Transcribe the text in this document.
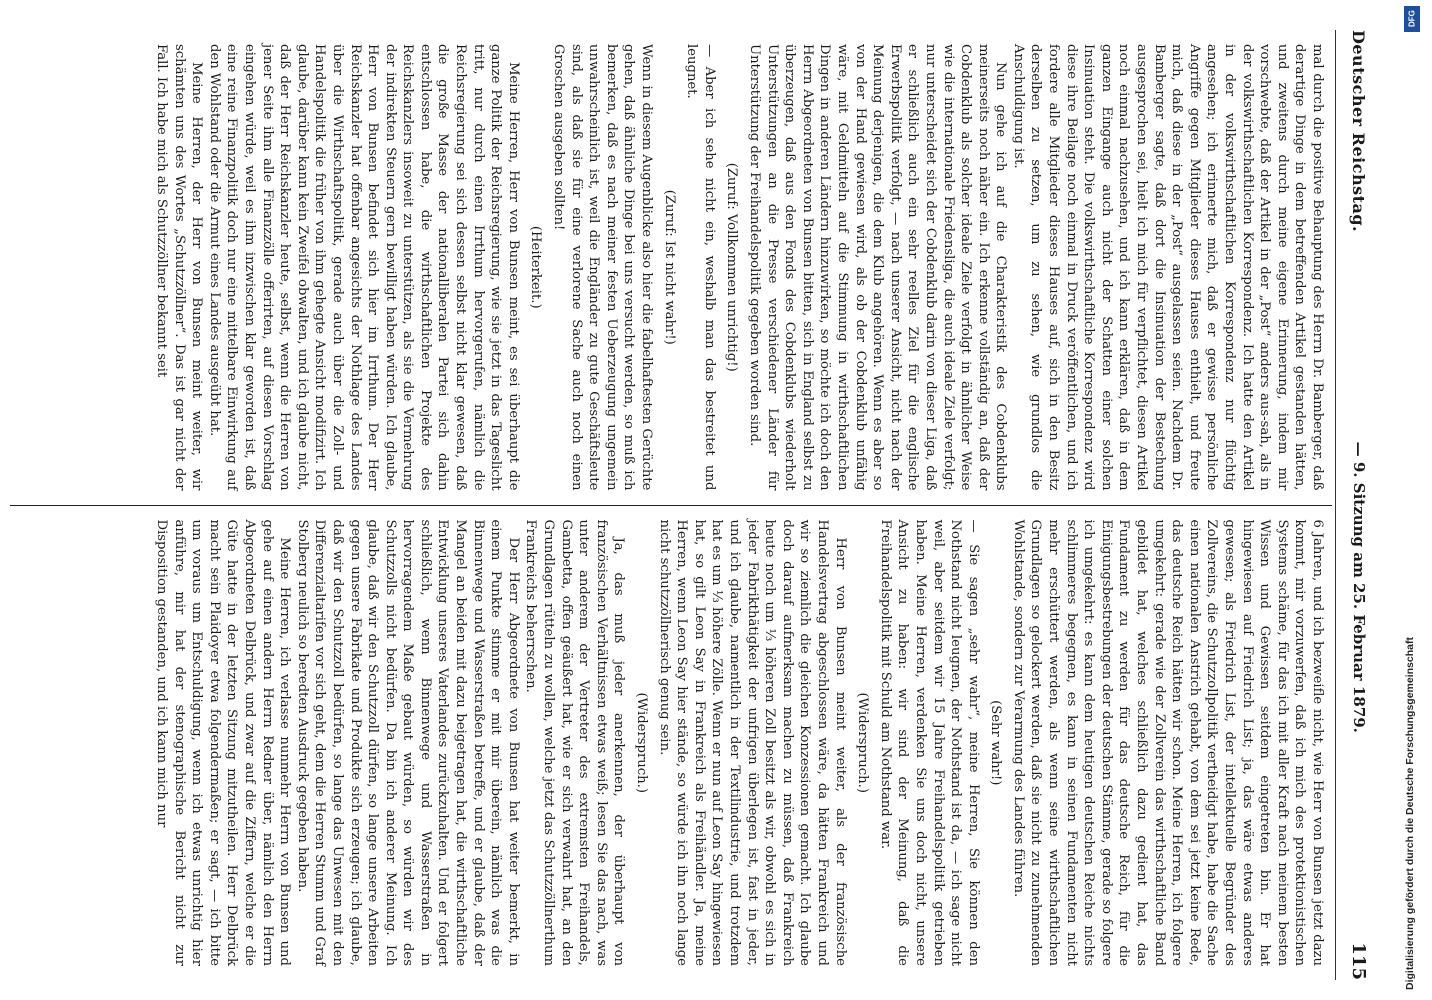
Deutscher Reichstag.
— 9. Sitzung am 25. Februar 1879.
115

mal durch die positive Behauptung des Herrn Dr. Bamberger, daß derartige Dinge in dem betreffenden Artikel gestanden hätten, und zweitens durch meine eigene Erinnerung, indem mir vorschwebte, daß der Artikel in der „Post“ anders aus-sah, als in der volkswirthschaftlichen Korrespondenz. Ich hatte den Artikel in der volkswirthschaftlichen Korrespondenz nur flüchtig angesehen; ich erinnerte mich, daß er gewisse persönliche Angriffe gegen Mitglieder dieses Hauses enthielt, und freute mich, daß diese in der „Post“ ausgelassen seien. Nachdem Dr. Bamberger sagte, daß dort die Insinuation der Bestechung ausgesprochen sei, hielt ich mich für verpflichtet, diesen Artikel noch einmal nachzusehen, und ich kann erklären, daß in dem ganzen Eingange auch nicht der Schatten einer solchen Insinuation steht. Die volkswirthschaftliche Korrespondenz wird diese ihre Beilage noch einmal in Druck veröffentlichen, und ich fordere alle Mitglieder dieses Hauses auf, sich in den Besitz derselben zu setzen, um zu sehen, wie grundlos die Anschuldigung ist.

Nun gehe ich auf die Charakteristik des Cobdenklubs meinerseits noch näher ein. Ich erkenne vollständig an, daß der Cobdenklub als solcher ideale Ziele verfolgt in ähnlicher Weise wie die internationale Friedensliga, die auch ideale Ziele verfolgt; nur unterscheidet sich der Cobdenklub darin von dieser Liga, daß er schließlich auch ein sehr reelles Ziel für die englische Erwerbspolitik verfolgt, — nach unserer Ansicht, nicht nach der Meinung derjenigen, die dem Klub angehören. Wenn es aber so von der Hand gewiesen wird, als ob der Cobdenklub unfähig wäre, mit Geldmitteln auf die Stimmung in wirthschaftlichen Dingen in anderen Ländern hinzuwirken, so möchte ich doch den Herrn Abgeordneten von Bunsen bitten, sich in England selbst zu überzeugen, daß aus den Fonds des Cobdenklubs wiederholt Unterstützungen an die Presse verschiedener Länder für Unterstützung der Freihandelspolitik gegeben worden sind.

(Zuruf: Vollkommen unrichtig!)

— Aber ich sehe nicht ein, weshalb man das bestreitet und leugnet.

(Zuruf: Ist nicht wahr!)

Wenn in diesem Augenblicke also hier die fabelhaftesten Gerüchte gehen, daß ähnliche Dinge bei uns versucht werden, so muß ich bemerken, daß es nach meiner festen Ueberzeugung ungemein unwahrscheinlich ist, weil die Engländer zu gute Geschäftsleute sind, als daß sie für eine verlorene Sache auch noch einen Groschen ausgeben sollten!

(Heiterkeit.)

Meine Herren, Herr von Bunsen meint, es sei überhaupt die ganze Politik der Reichsregierung, wie sie jetzt in das Tageslicht tritt, nur durch einen Irrthum hervorgerufen, nämlich die Reichsregierung sei sich dessen selbst nicht klar gewesen, daß die große Masse der nationalliberalen Partei sich dahin entschlossen habe, die wirthschaftlichen Projekte des Reichskanzlers insoweit zu unterstützen, als sie die Vermehrung der indirekten Steuern gern bewilligt haben würden. Ich glaube, Herr von Bunsen befindet sich hier im Irrthum. Der Herr Reichskanzler hat offenbar angesichts der Nothlage des Landes über die Wirthschaftspolitik, gerade auch über die Zoll- und Handelspolitik die früher von ihm gehegte Ansicht modifizirt. Ich glaube, darüber kann kein Zweifel obwalten, und ich glaube nicht, daß der Herr Reichskanzler heute, selbst, wenn die Herren von jener Seite ihm alle Finanzzölle offerirten, auf diesen Vorschlag eingehen würde, weil es ihm inzwischen klar geworden ist, daß eine reine Finanzpolitik doch nur eine mittelbare Einwirkung auf den Wohlstand oder die Armut eines Landes ausgeübt hat.

Meine Herren, der Herr von Bunsen meint weiter, wir schämten uns des Wortes „Schutzzöllner“. Das ist gar nicht der Fall. Ich habe mich als Schutzzöllner bekannt seit

6 Jahren, und ich bezweifle nicht, wie Herr von Bunsen jetzt dazu kommt, mir vorzuwerfen, daß ich mich des protektionistischen Systems schäme, für das ich mit aller Kraft nach meinem besten Wissen und Gewissen seitdem eingetreten bin. Er hat hingewiesen auf Friedrich List; ja, das wäre etwas anderes gewesen; als Friedrich List, der intellektuelle Begründer des Zollvereins, die Schutzzollpolitik vertheidigt habe, habe die Sache einen nationalen Anstrich gehabt, von dem sei jetzt keine Rede, das deutsche Reich hätten wir schon. Meine Herren, ich folgere umgekehrt: gerade wie der Zollverein das wirthschaftliche Band gebildet hat, welches schließlich dazu gedient hat, das Fundament zu werden für das deutsche Reich, für die Einigungsbestrebungen der deutschen Stämme, gerade so folgere ich umgekehrt: es kann dem heutigen deutschen Reiche nichts schlimmeres begegnen, es kann in seinen Fundamenten nicht mehr erschüttert werden, als wenn seine wirthschaftlichen Grundlagen so gelockert werden, daß sie nicht zu zunehmenden Wohlstande, sondern zur Verarmung des Landes führen.

(Sehr wahr!)

— Sie sagen „sehr wahr“, meine Herren, Sie können den Nothstand nicht leugnen, der Nothstand ist da, — ich sage nicht weil, aber seitdem wir 15 Jahre Freihandelspolitik getrieben haben. Meine Herren, verdenken Sie uns doch nicht, unsere Ansicht zu haben: wir sind der Meinung, daß die Freihandelspolitik mit Schuld am Nothstand war.

(Widerspruch.)

Herr von Bunsen meint weiter, als der französische Handelsvertrag abgeschlossen wäre, da hätten Frankreich und wir so ziemlich die gleichen Konzessionen gemacht. Ich glaube doch darauf aufmerksam machen zu müssen, daß Frankreich heute noch um ⅓ höheren Zoll besitzt als wir, obwohl es sich in jeder Fabrikthätigkeit der unfrigen überlegen ist, fast in jeder, und ich glaube, namentlich in der Textilindustrie, und trotzdem hat es um ⅓ höhere Zölle. Wenn er nun auf Leon Say hingewiesen hat, so gilt Leon Say in Frankreich als Freihändler. Ja, meine Herren, wenn Leon Say hier stände, so würde ich ihn noch lange nicht schutzzöllnerisch genug sein.

(Widerspruch.)

Ja, das muß jeder anerkennen, der überhaupt von französischen Verhältnissen etwas weiß; lesen Sie das nach, was unter anderem der Vertreter des extremsten Freihandels, Gambetta, offen geäußert hat, wie er sich verwahrt hat, an den Grundlagen rütteln zu wollen, welche jetzt das Schutzzöllnerthum Frankreichs beherrschen.

Der Herr Abgeordnete von Bunsen hat weiter bemerkt, in einem Punkte stimme er mit mir überein, nämlich was die Binnenwege und Wasserstraßen betreffe, und er glaube, daß der Mangel an beiden mit dazu beigetragen hat, die wirthschaftliche Entwicklung unseres Vaterlandes zurückzuhalten. Und er folgert schließlich, wenn Binnenwege und Wasserstraßen in hervorragendem Maße gebaut würden, so würden wir des Schutzzolls nicht bedürfen. Da bin ich anderer Meinung. Ich glaube, daß wir den Schutzzoll dürfen, so lange unsere Arbeiten gegen unsere Fabrikate und Produkte sich erzeugen; ich glaube, daß wir den Schutzzoll bedürfen, so lange das Unwesen mit den Differenzialtarifen vor sich geht, dem die Herren Stumm und Graf Stolberg neulich so beredten Ausdruck gegeben haben.

Meine Herren, ich verlasse nunmehr Herrn von Bunsen und gehe auf einen andern Herrn Redner über, nämlich den Herrn Abgeordneten Delbrück, und zwar auf die Ziffern, welche er die Güte hatte in der letzten Sitzung mitzutheilen. Herr Delbrück macht sein Plaidoyer etwa folgendermaßen; er sagt, — ich bitte um voraus um Entschuldigung, wenn ich etwas unrichtig hier anführe, mir hat der stenographische Bericht nicht zur Disposition gestanden, und ich kann mich nur

DFG
Digitalisierung gefördert durch die Deutsche Forschungsgemeinschaft
